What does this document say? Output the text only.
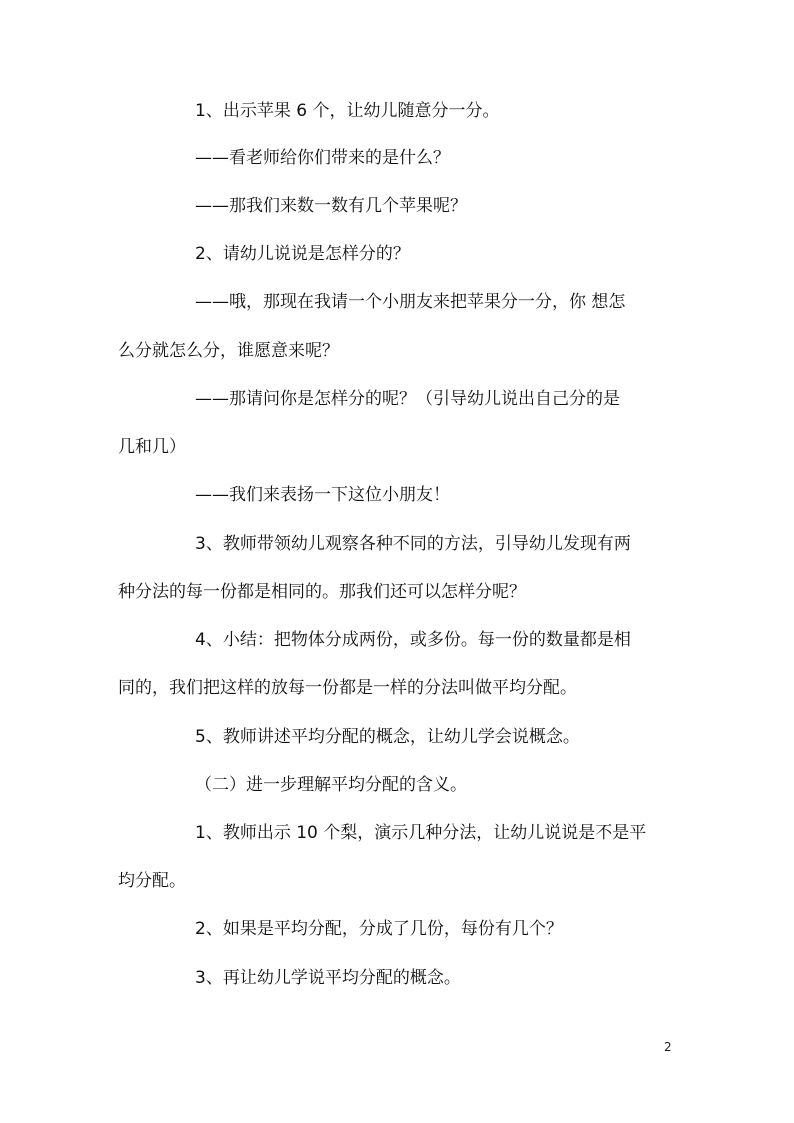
1、出示苹果 6 个，让幼儿随意分一分。
——看老师给你们带来的是什么？
——那我们来数一数有几个苹果呢？
2、请幼儿说说是怎样分的？
——哦，那现在我请一个小朋友来把苹果分一分，你 想怎
么分就怎么分，谁愿意来呢？
——那请问你是怎样分的呢？（引导幼儿说出自己分的是
几和几）
——我们来表扬一下这位小朋友！
3、教师带领幼儿观察各种不同的方法，引导幼儿发现有两
种分法的每一份都是相同的。那我们还可以怎样分呢？
4、小结：把物体分成两份，或多份。每一份的数量都是相
同的，我们把这样的放每一份都是一样的分法叫做平均分配。
5、教师讲述平均分配的概念，让幼儿学会说概念。
（二）进一步理解平均分配的含义。
1、教师出示 10 个梨，演示几种分法，让幼儿说说是不是平
均分配。
2、如果是平均分配，分成了几份，每份有几个？
3、再让幼儿学说平均分配的概念。
2
